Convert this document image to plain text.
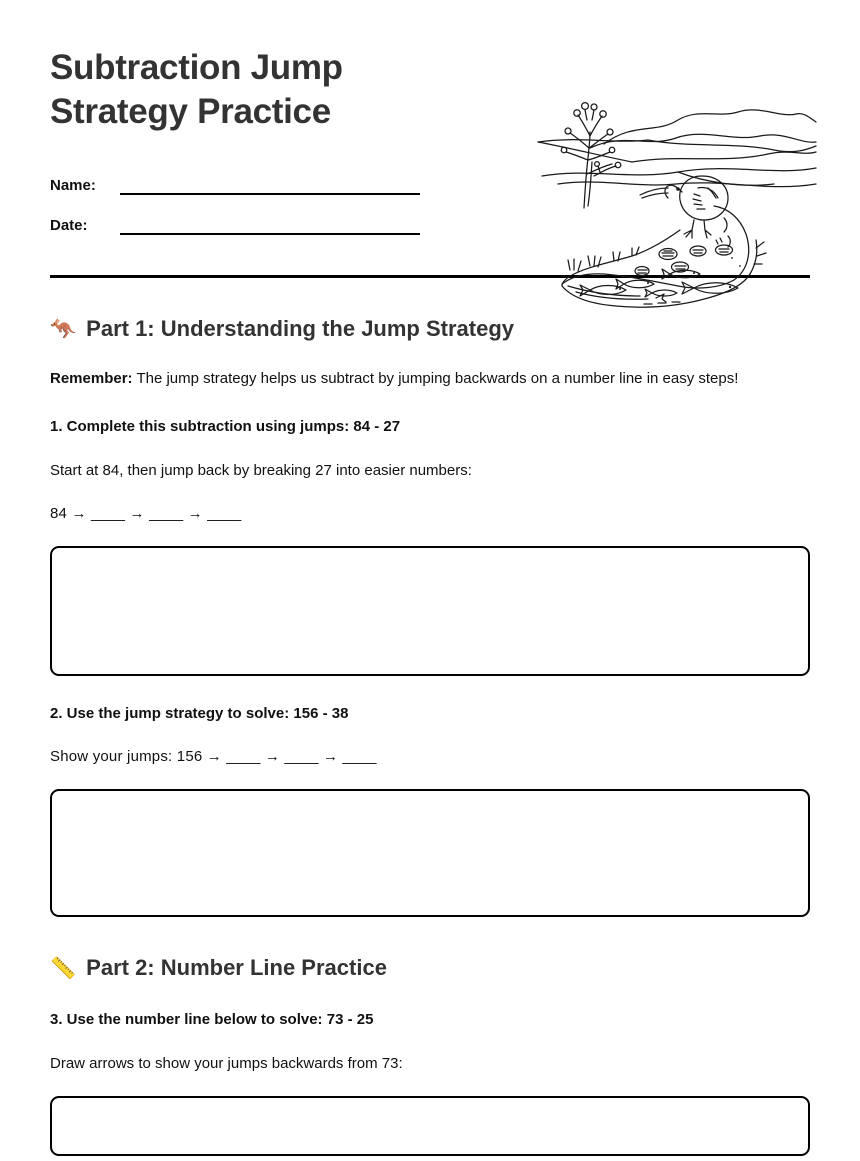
Subtraction Jump
Strategy Practice
Name:
Date:
🦘 Part 1: Understanding the Jump Strategy

Remember: The jump strategy helps us subtract by jumping backwards on a number line in easy steps!

1. Complete this subtraction using jumps: 84 - 27

Start at 84, then jump back by breaking 27 into easier numbers:

84 → ____ → ____ → ____

2. Use the jump strategy to solve: 156 - 38

Show your jumps: 156 → ____ → ____ → ____

📏 Part 2: Number Line Practice

3. Use the number line below to solve: 73 - 25

Draw arrows to show your jumps backwards from 73:
